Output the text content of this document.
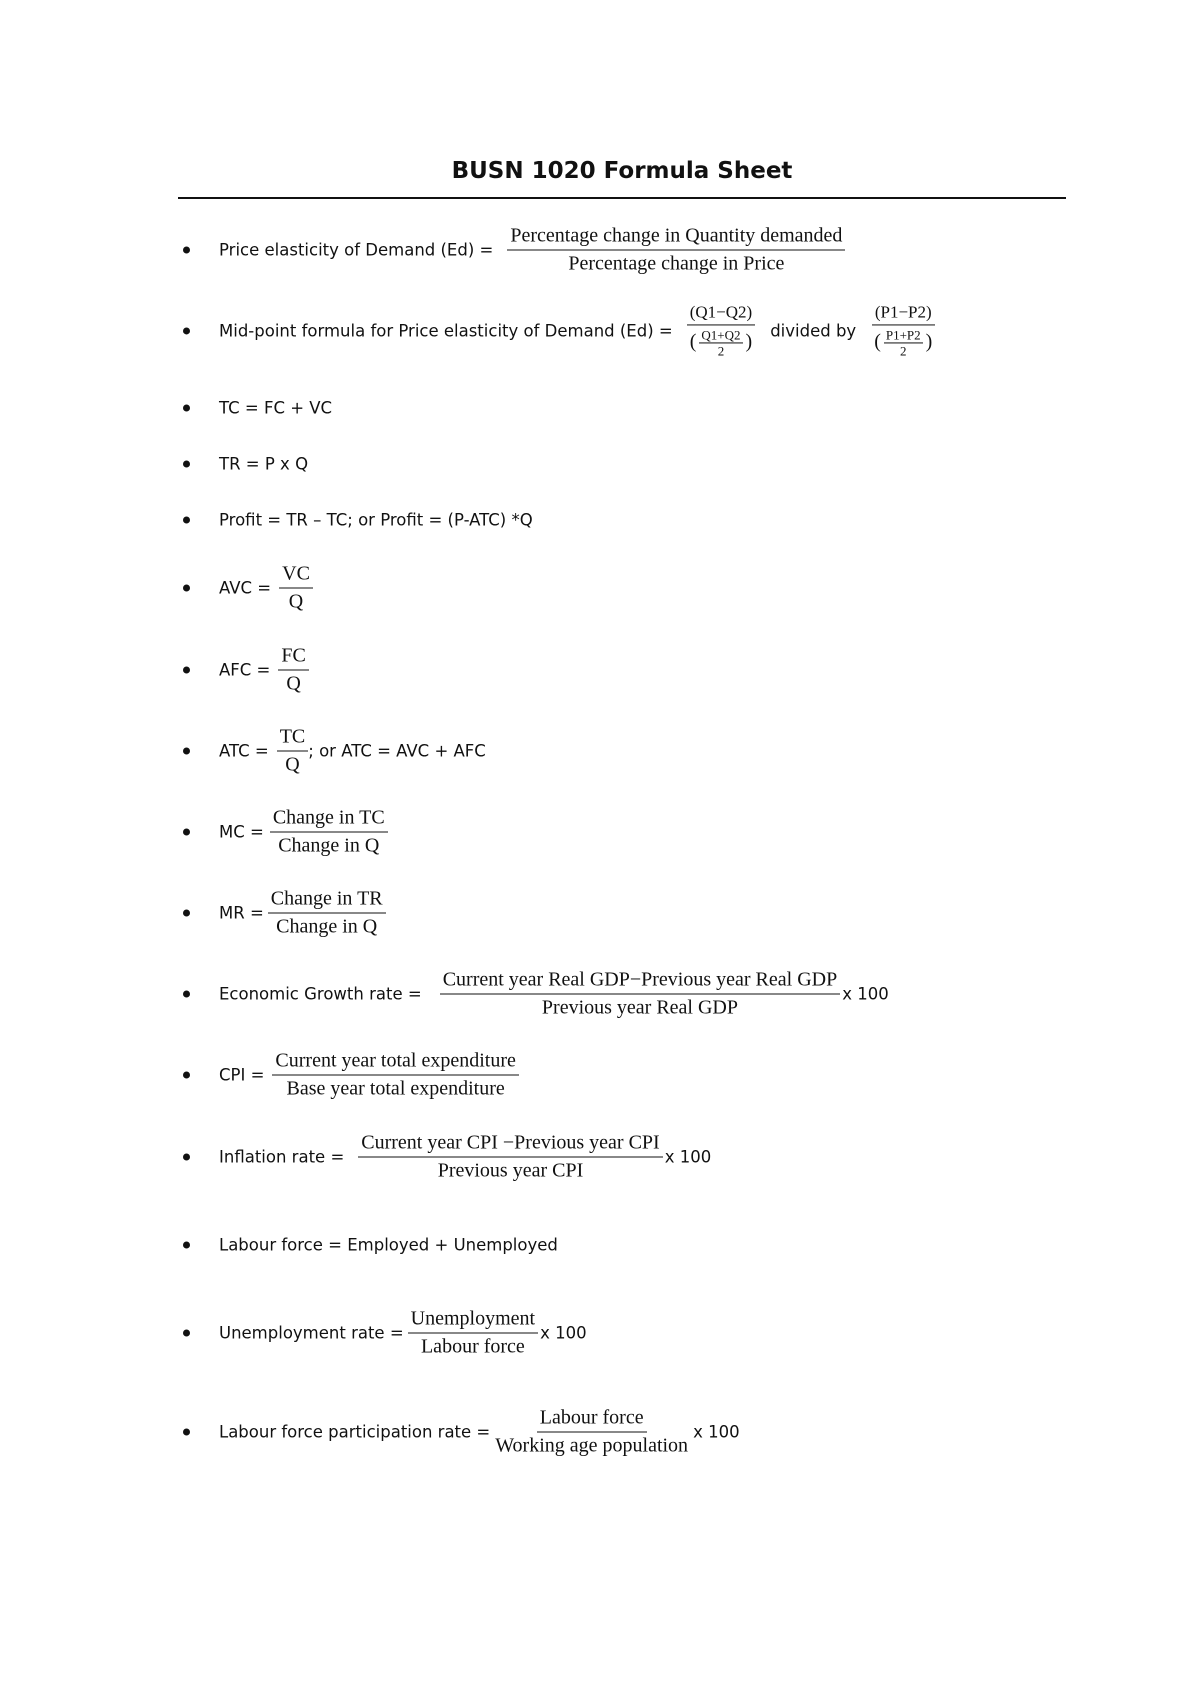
BUSN 1020 Formula Sheet
Price elasticity of Demand $(Ed) = \frac{\text{Percentage change in Quantity demanded}}{\text{Percentage change in Price}}$
Mid-point formula for Price elasticity of Demand $(Ed) = \frac{(Q1-Q2)}{( \frac{Q1+Q2}{2} )}$ divided by $\frac{(P1-P2)}{( \frac{P1+P2}{2} )}$
TC = FC + VC
TR = P x Q
Profit = TR – TC; or Profit = (P-ATC) *Q
AVC = $\frac{VC}{Q}$
AFC = $\frac{FC}{Q}$
ATC = $\frac{TC}{Q}$ ; or ATC = AVC + AFC
MC = $\frac{\text{Change in TC}}{\text{Change in Q}}$
MR = $\frac{\text{Change in TR}}{\text{Change in Q}}$
Economic Growth rate = $\frac{\text{Current year Real GDP−Previous year Real GDP}}{\text{Previous year Real GDP}}$ x 100
CPI = $\frac{\text{Current year total expenditure}}{\text{Base year total expenditure}}$
Inflation rate = $\frac{\text{Current year CPI −Previous year CPI}}{\text{Previous year CPI}}$ x 100
Labour force = Employed + Unemployed
Unemployment rate = $\frac{\text{Unemployment}}{\text{Labour force}}$ x 100
Labour force participation rate = $\frac{\text{Labour force}}{\text{Working age population}}$ x 100
